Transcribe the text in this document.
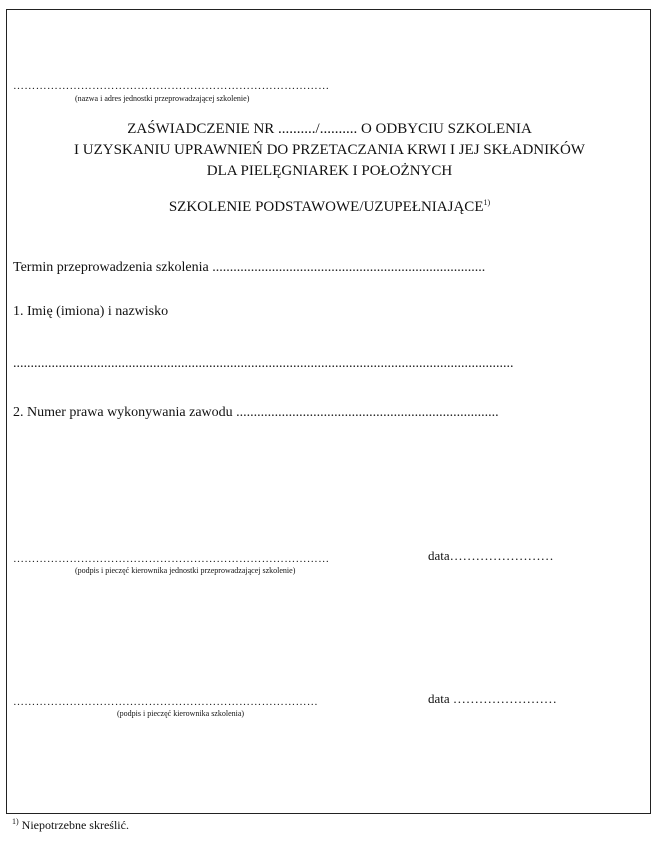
…………………………………………………………………………
(nazwa i adres jednostki przeprowadzającej szkolenie)
ZAŚWIADCZENIE NR ........../.......... O ODBYCIU SZKOLENIA
I UZYSKANIU UPRAWNIEŃ DO PRZETACZANIA KRWI I JEJ SKŁADNIKÓW
DLA PIELĘGNIAREK I POŁOŻNYCH
SZKOLENIE PODSTAWOWE/UZUPEŁNIAJĄCE$^{1)}$
Termin przeprowadzenia szkolenia ..............................................................................
1. Imię (imiona) i nazwisko
...............................................................................................................................................
2. Numer prawa wykonywania zawodu ...........................................................................
…………………………………………………………………………
(podpis i pieczęć kierownika jednostki przeprowadzającej szkolenie)
data……………………
………………………………………………………………………
(podpis i pieczęć kierownika szkolenia)
data ……………………
$^{1)}$ Niepotrzebne skreślić.
